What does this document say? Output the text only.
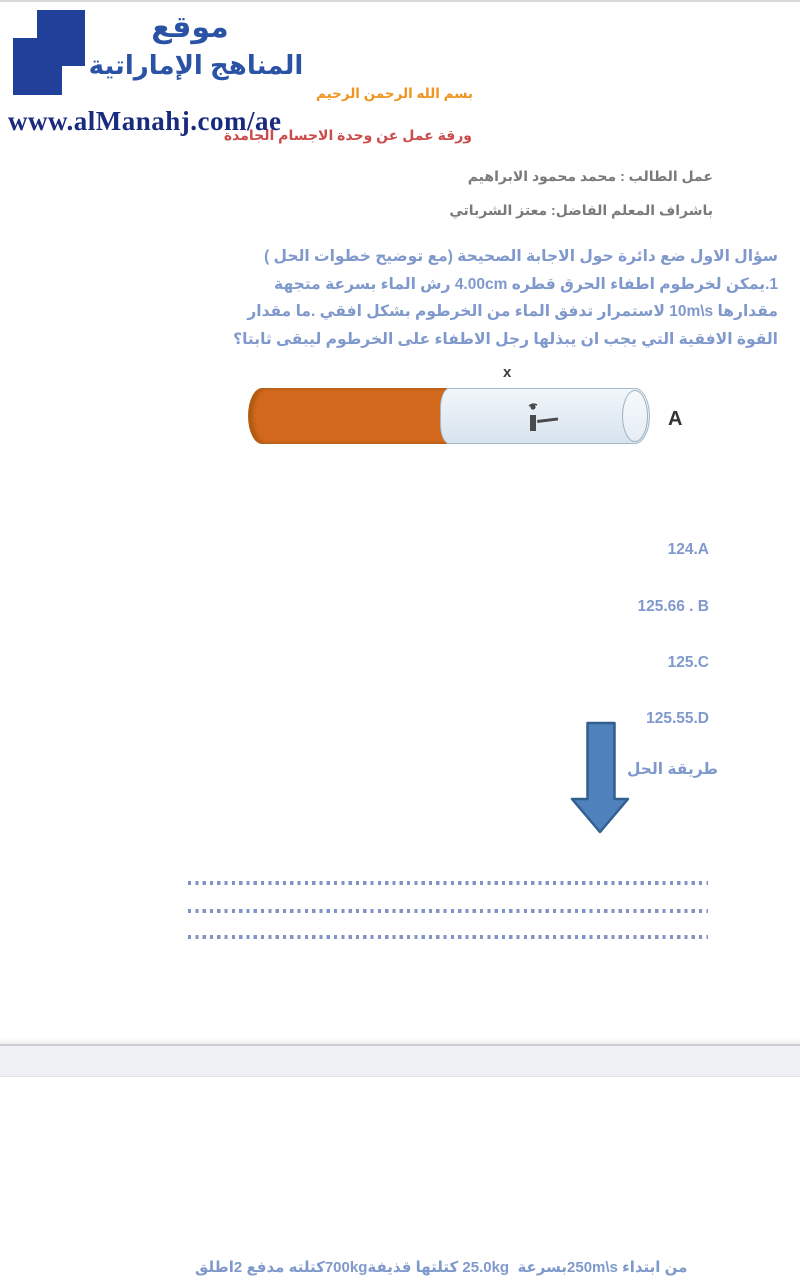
موقع
المناهج الإماراتية
www.alManahj.com/ae
بسم الله الرحمن الرحيم
ورقة عمل عن وحدة الاجسام الجامدة
عمل الطالب : محمد محمود الابراهيم
باشراف المعلم الفاضل: معتز الشرباتي
سؤال الاول ضع دائرة حول الاجابة الصحيحة (مع توضيح خطوات الحل )
1.يمكن لخرطوم اطفاء الحرق قطره 4.00cm رش الماء بسرعة متجهة
مقدارها 10m\s لاستمرار تدفق الماء من الخرطوم بشكل افقي .ما مقدار
القوة الافقية التي يجب ان يبذلها رجل الاطفاء على الخرطوم ليبقى ثابتا؟
x
A
124.A
125.66 . B
125.C
125.55.D
طريقة الحل
2اطلق مدفع كتلته700kgقذيفة كتلتها 25.0kg بسرعة250m\s ابتداء من
